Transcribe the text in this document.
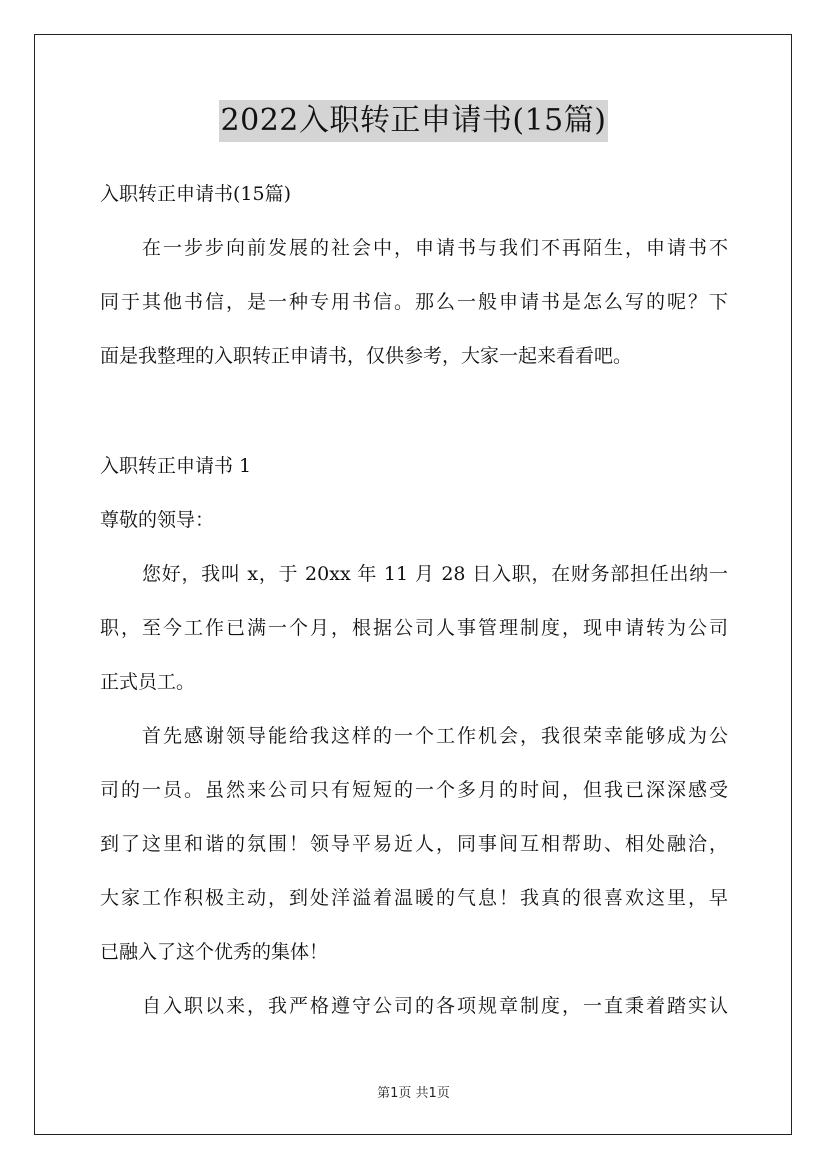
2022入职转正申请书(15篇)
入职转正申请书(15篇)
在一步步向前发展的社会中，申请书与我们不再陌生，申请书不
同于其他书信，是一种专用书信。那么一般申请书是怎么写的呢？下
面是我整理的入职转正申请书，仅供参考，大家一起来看看吧。
入职转正申请书 1
尊敬的领导：
您好，我叫 x，于 20xx 年 11 月 28 日入职，在财务部担任出纳一
职，至今工作已满一个月，根据公司人事管理制度，现申请转为公司
正式员工。
首先感谢领导能给我这样的一个工作机会，我很荣幸能够成为公
司的一员。虽然来公司只有短短的一个多月的时间，但我已深深感受
到了这里和谐的氛围！领导平易近人，同事间互相帮助、相处融洽，
大家工作积极主动，到处洋溢着温暖的气息！我真的很喜欢这里，早
已融入了这个优秀的集体！
自入职以来，我严格遵守公司的各项规章制度，一直秉着踏实认
第1页 共1页
